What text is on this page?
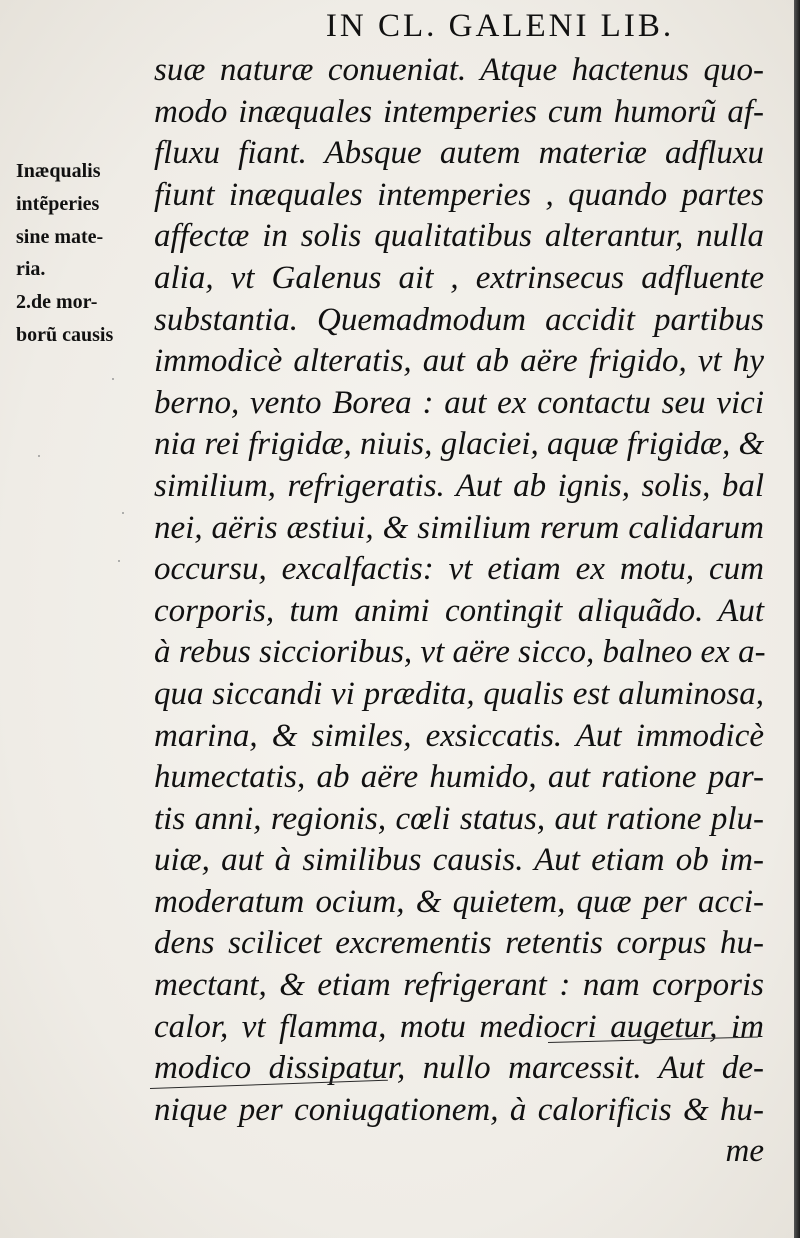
IN CL. GALENI LIB.
Inæqualis
intẽperies
sine mate-
ria.
2.de mor-
borũ causis
suæ naturæ conueniat. Atque hactenus quo-
modo inæquales intemperies cum humorũ af-
fluxu fiant. Absque autem materiæ adfluxu
fiunt inæquales intemperies , quando partes
affectæ in solis qualitatibus alterantur, nulla
alia, vt Galenus ait , extrinsecus adfluente
substantia. Quemadmodum accidit partibus
immodicè alteratis, aut ab aëre frigido, vt hy
berno, vento Borea : aut ex contactu seu vici
nia rei frigidæ, niuis, glaciei, aquæ frigidæ, &
similium, refrigeratis. Aut ab ignis, solis, bal
nei, aëris æstiui, & similium rerum calidarum
occursu, excalfactis: vt etiam ex motu, cum
corporis, tum animi contingit aliquãdo. Aut
à rebus siccioribus, vt aëre sicco, balneo ex a-
qua siccandi vi prædita, qualis est aluminosa,
marina, & similes, exsiccatis. Aut immodicè
humectatis, ab aëre humido, aut ratione par-
tis anni, regionis, cœli status, aut ratione plu-
uiæ, aut à similibus causis. Aut etiam ob im-
moderatum ocium, & quietem, quæ per acci-
dens scilicet excrementis retentis corpus hu-
mectant, & etiam refrigerant : nam corporis
calor, vt flamma, motu mediocri augetur, im
modico dissipatur, nullo marcessit. Aut de-
nique per coniugationem, à calorificis & hu-
me
